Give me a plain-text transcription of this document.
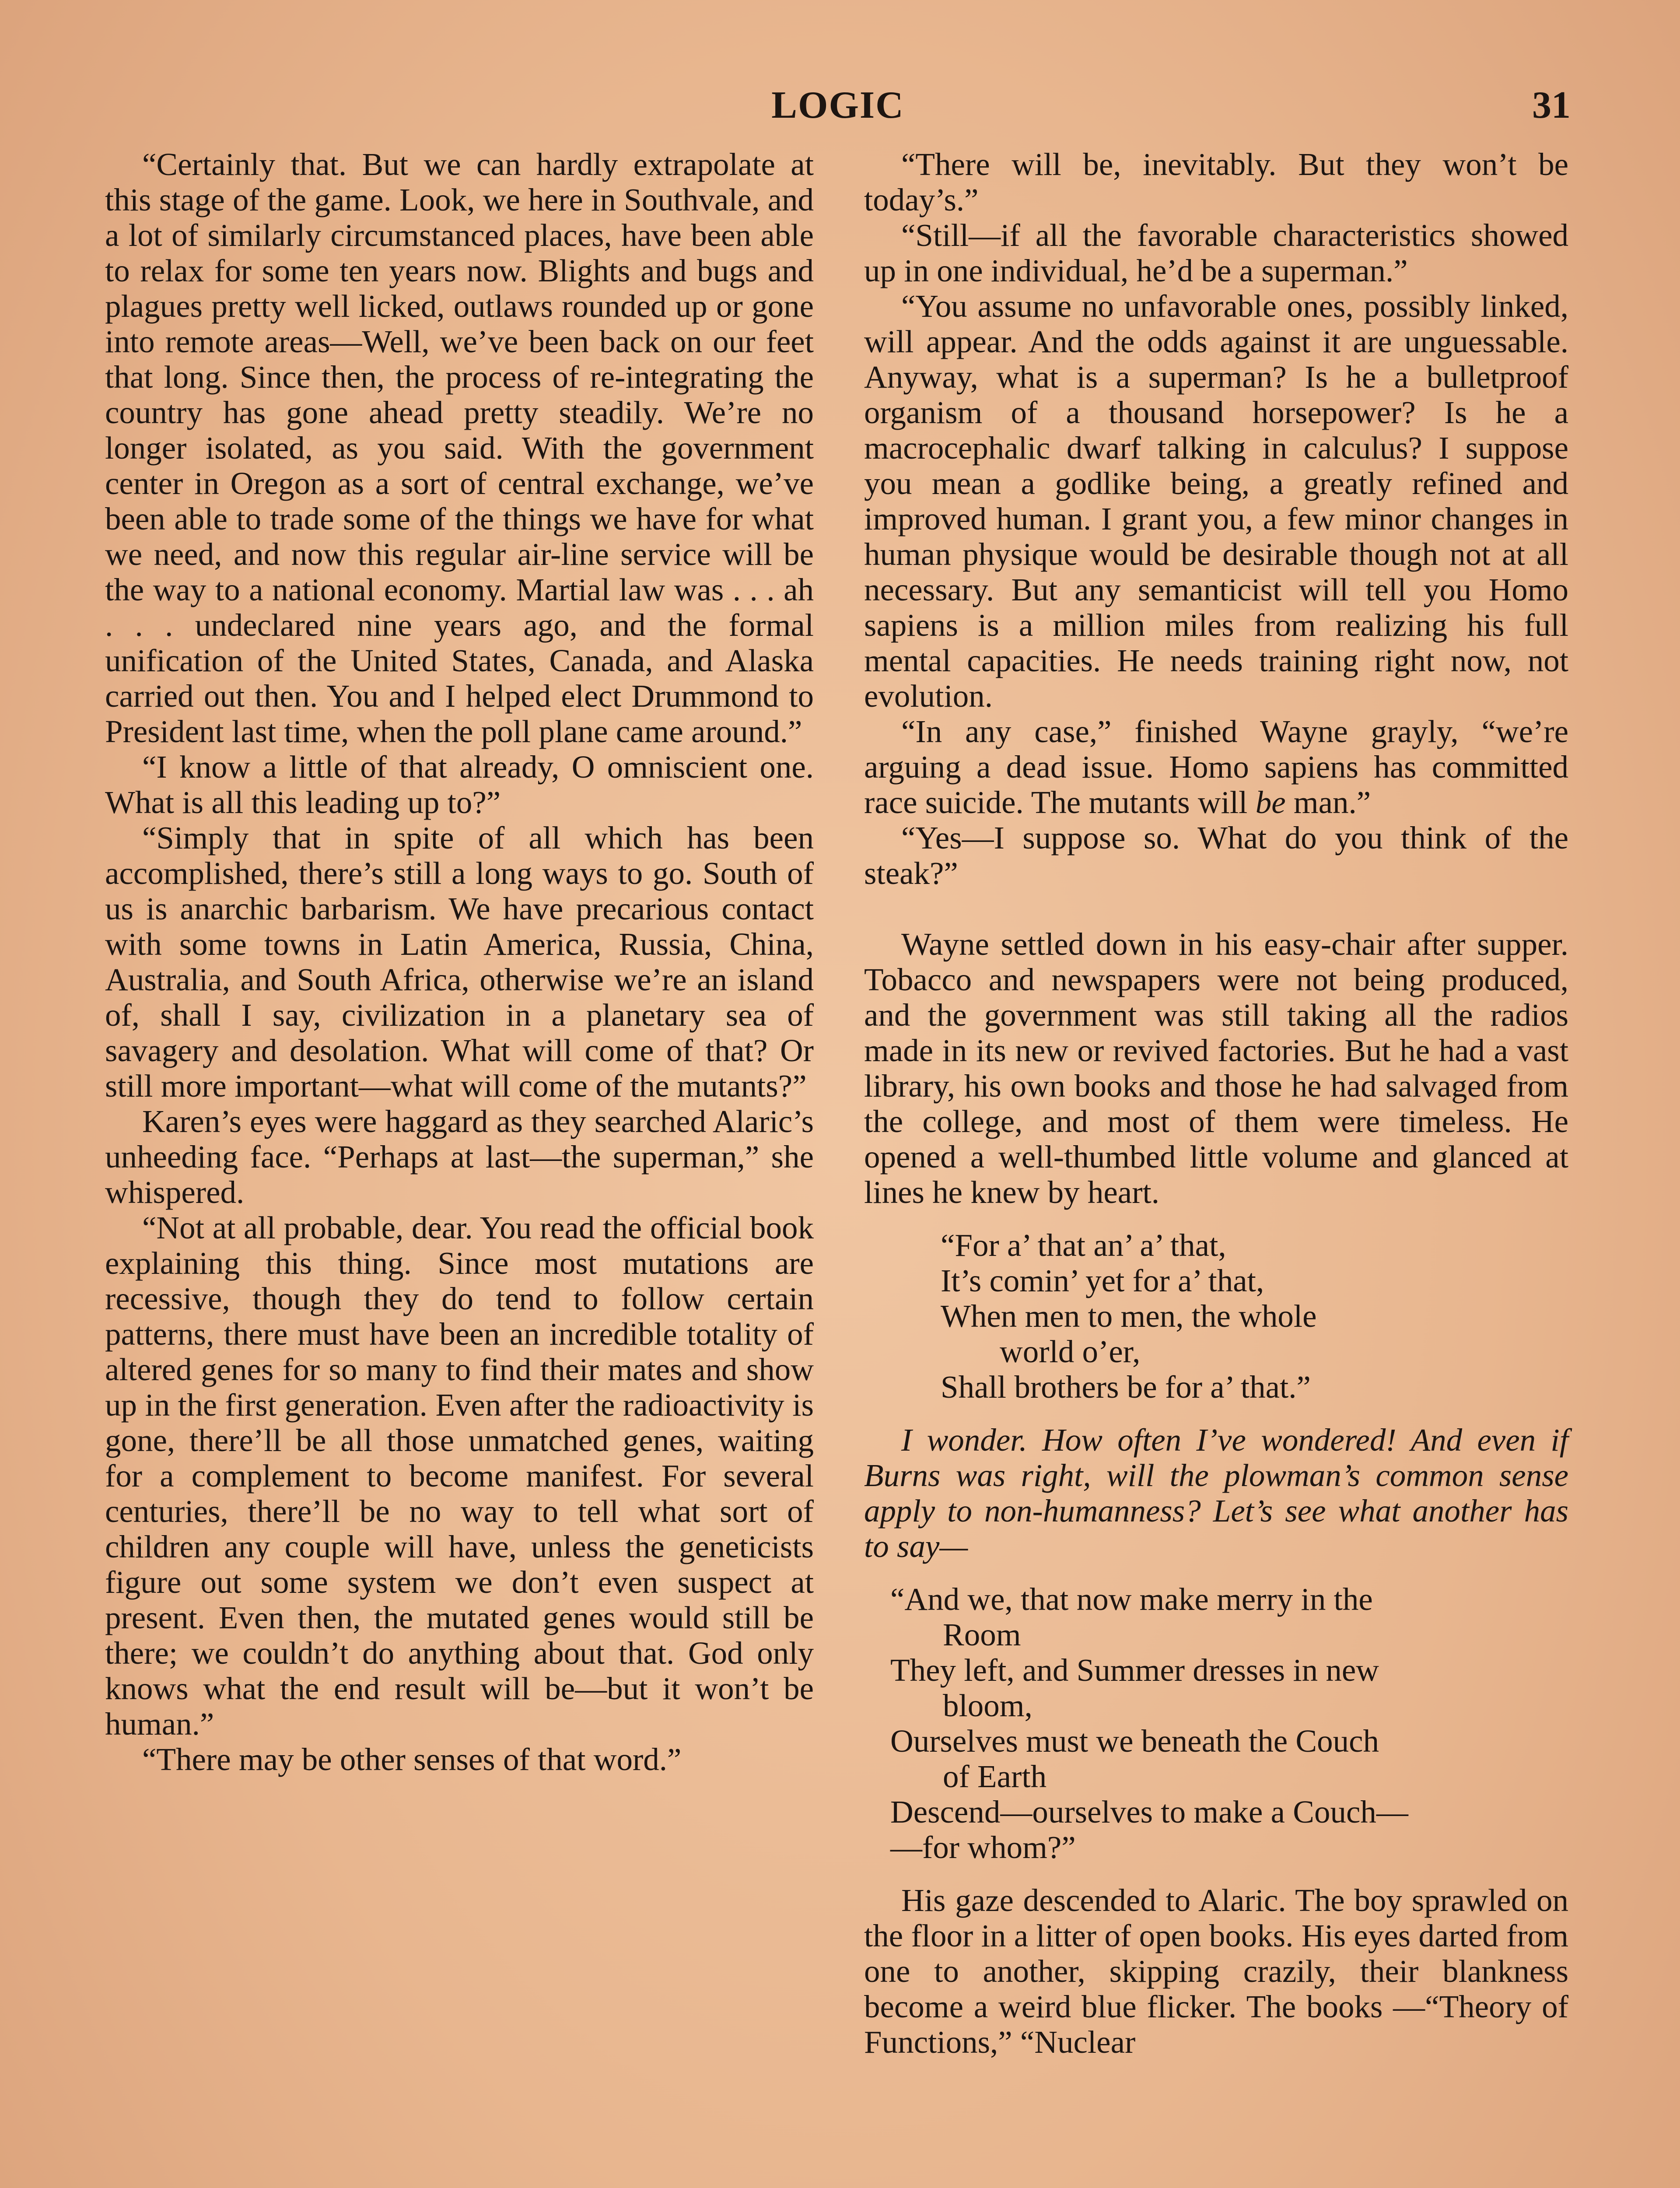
LOGIC	31

“Certainly that. But we can hardly extrapolate at this stage of the game. Look, we here in Southvale, and a lot of similarly circumstanced places, have been able to relax for some ten years now. Blights and bugs and plagues pretty well licked, outlaws rounded up or gone into remote areas—Well, we’ve been back on our feet that long. Since then, the process of re-integrating the country has gone ahead pretty steadily. We’re no longer isolated, as you said. With the government center in Oregon as a sort of central exchange, we’ve been able to trade some of the things we have for what we need, and now this regular air-line service will be the way to a national economy. Martial law was . . . ah . . . undeclared nine years ago, and the formal unification of the United States, Canada, and Alaska carried out then. You and I helped elect Drummond to President last time, when the poll plane came around.”

“I know a little of that already, O omniscient one. What is all this leading up to?”

“Simply that in spite of all which has been accomplished, there’s still a long ways to go. South of us is anarchic barbarism. We have precarious contact with some towns in Latin America, Russia, China, Australia, and South Africa, otherwise we’re an island of, shall I say, civilization in a planetary sea of savagery and desolation. What will come of that? Or still more important—what will come of the mutants?”

Karen’s eyes were haggard as they searched Alaric’s unheeding face. “Perhaps at last—the superman,” she whispered.

“Not at all probable, dear. You read the official book explaining this thing. Since most mutations are recessive, though they do tend to follow certain patterns, there must have been an incredible totality of altered genes for so many to find their mates and show up in the first generation. Even after the radioactivity is gone, there’ll be all those unmatched genes, waiting for a complement to become manifest. For several centuries, there’ll be no way to tell what sort of children any couple will have, unless the geneticists figure out some system we don’t even suspect at present. Even then, the mutated genes would still be there; we couldn’t do anything about that. God only knows what the end result will be—but it won’t be human.”

“There may be other senses of that word.”

“There will be, inevitably. But they won’t be today’s.”

“Still—if all the favorable characteristics showed up in one individual, he’d be a superman.”

“You assume no unfavorable ones, possibly linked, will appear. And the odds against it are unguessable. Anyway, what is a superman? Is he a bulletproof organism of a thousand horsepower? Is he a macrocephalic dwarf talking in calculus? I suppose you mean a godlike being, a greatly refined and improved human. I grant you, a few minor changes in human physique would be desirable though not at all necessary. But any semanticist will tell you Homo sapiens is a million miles from realizing his full mental capacities. He needs training right now, not evolution.

“In any case,” finished Wayne grayly, “we’re arguing a dead issue. Homo sapiens has committed race suicide. The mutants will be man.”

“Yes—I suppose so. What do you think of the steak?”

Wayne settled down in his easy-chair after supper. Tobacco and newspapers were not being produced, and the government was still taking all the radios made in its new or revived factories. But he had a vast library, his own books and those he had salvaged from the college, and most of them were timeless. He opened a well-thumbed little volume and glanced at lines he knew by heart.

“For a’ that an’ a’ that,
It’s comin’ yet for a’ that,
When men to men, the whole
world o’er,
Shall brothers be for a’ that.”

I wonder. How often I’ve wondered! And even if Burns was right, will the plowman’s common sense apply to non-humanness? Let’s see what another has to say—

“And we, that now make merry in the
Room
They left, and Summer dresses in new
bloom,
Ourselves must we beneath the Couch
of Earth
Descend—ourselves to make a Couch—
—for whom?”

His gaze descended to Alaric. The boy sprawled on the floor in a litter of open books. His eyes darted from one to another, skipping crazily, their blankness become a weird blue flicker. The books —“Theory of Functions,” “Nuclear
